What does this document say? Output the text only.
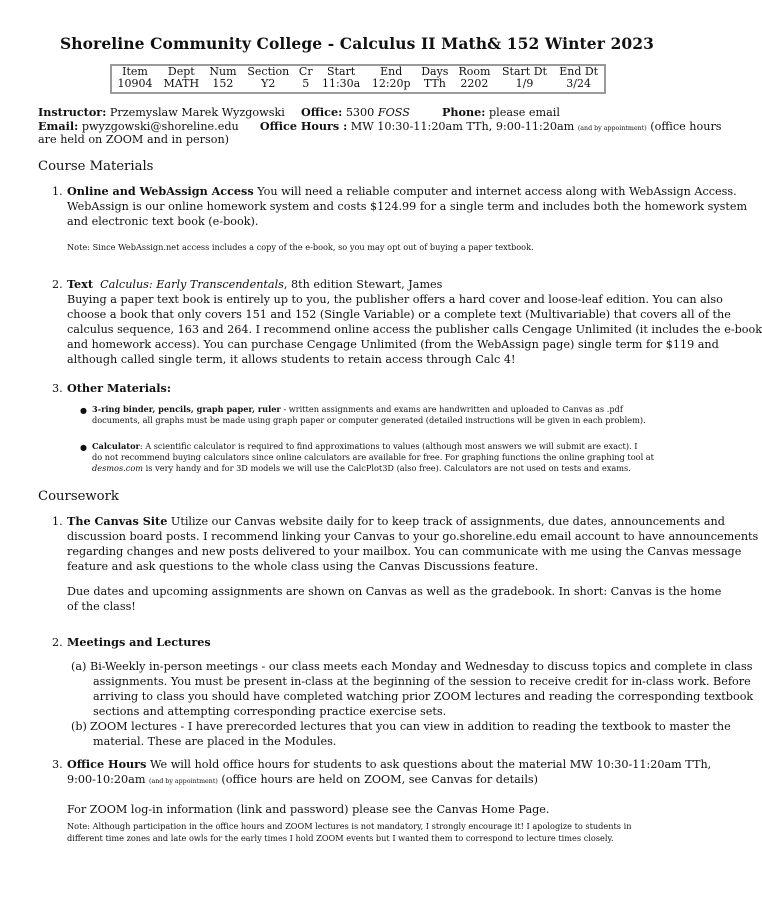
Shoreline Community College - Calculus II Math& 152 Winter 2023
Item	Dept	Num	Section	Cr	Start	End	Days	Room	Start Dt	End Dt
10904	MATH	152	Y2	5	11:30a	12:20p	TTh	2202	1/9	3/24
Instructor: Przemyslaw Marek Wyzgowski Office: 5300 FOSS	Phone: please email
Email: pwyzgowski@shoreline.edu Office Hours : MW 10:30-11:20am TTh, 9:00-11:20am (and by appointment) (office hours
are held on ZOOM and in person)
Course Materials
1. Online and WebAssign Access You will need a reliable computer and internet access along with WebAssign Access.
WebAssign is our online homework system and costs $124.99 for a single term and includes both the homework system
and electronic text book (e-book).
Note: Since WebAssign.net access includes a copy of the e-book, so you may opt out of buying a paper textbook.
2. Text Calculus: Early Transcendentals, 8th edition Stewart, James
Buying a paper text book is entirely up to you, the publisher offers a hard cover and loose-leaf edition. You can also
choose a book that only covers 151 and 152 (Single Variable) or a complete text (Multivariable) that covers all of the
calculus sequence, 163 and 264. I recommend online access the publisher calls Cengage Unlimited (it includes the e-book
and homework access). You can purchase Cengage Unlimited (from the WebAssign page) single term for $119 and
although called single term, it allows students to retain access through Calc 4!
3. Other Materials:
● 3-ring binder, pencils, graph paper, ruler - written assignments and exams are handwritten and uploaded to Canvas as .pdf
documents, all graphs must be made using graph paper or computer generated (detailed instructions will be given in each problem).
● Calculator: A scientific calculator is required to find approximations to values (although most answers we will submit are exact). I
do not recommend buying calculators since online calculators are available for free. For graphing functions the online graphing tool at
desmos.com is very handy and for 3D models we will use the CalcPlot3D (also free). Calculators are not used on tests and exams.
Coursework
1. The Canvas Site Utilize our Canvas website daily for to keep track of assignments, due dates, announcements and
discussion board posts. I recommend linking your Canvas to your go.shoreline.edu email account to have announcements
regarding changes and new posts delivered to your mailbox. You can communicate with me using the Canvas message
feature and ask questions to the whole class using the Canvas Discussions feature.
Due dates and upcoming assignments are shown on Canvas as well as the gradebook. In short: Canvas is the home
of the class!
2. Meetings and Lectures
(a) Bi-Weekly in-person meetings - our class meets each Monday and Wednesday to discuss topics and complete in class
assignments. You must be present in-class at the beginning of the session to receive credit for in-class work. Before
arriving to class you should have completed watching prior ZOOM lectures and reading the corresponding textbook
sections and attempting corresponding practice exercise sets.
(b) ZOOM lectures - I have prerecorded lectures that you can view in addition to reading the textbook to master the
material. These are placed in the Modules.
3. Office Hours We will hold office hours for students to ask questions about the material MW 10:30-11:20am TTh,
9:00-10:20am (and by appointment) (office hours are held on ZOOM, see Canvas for details)
For ZOOM log-in information (link and password) please see the Canvas Home Page.
Note: Although participation in the office hours and ZOOM lectures is not mandatory, I strongly encourage it! I apologize to students in
different time zones and late owls for the early times I hold ZOOM events but I wanted them to correspond to lecture times closely.
